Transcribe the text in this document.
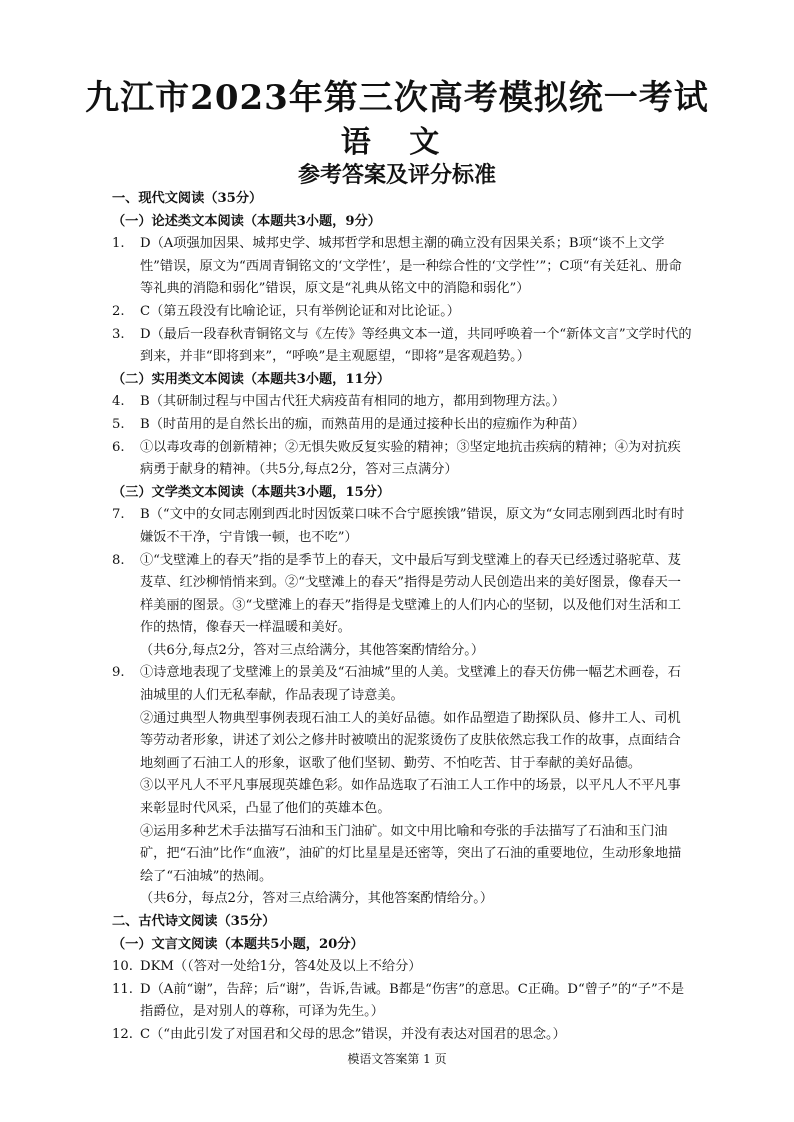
九江市2023年第三次高考模拟统一考试
语 文
参考答案及评分标准
一、现代文阅读（35分）
（一）论述类文本阅读（本题共3小题，9分）
1. D（A项强加因果、城邦史学、城邦哲学和思想主潮的确立没有因果关系；B项“谈不上文学性”错误，原文为“西周青铜铭文的‘文学性’，是一种综合性的‘文学性’”；C项“有关廷礼、册命等礼典的消隐和弱化”错误，原文是“礼典从铭文中的消隐和弱化”）
2. C（第五段没有比喻论证，只有举例论证和对比论证。）
3. D（最后一段春秋青铜铭文与《左传》等经典文本一道，共同呼唤着一个“新体文言”文学时代的到来，并非“即将到来”，“呼唤”是主观愿望，“即将”是客观趋势。）
（二）实用类文本阅读（本题共3小题，11分）
4. B（其研制过程与中国古代狂犬病疫苗有相同的地方，都用到物理方法。）
5. B（时苗用的是自然长出的痂，而熟苗用的是通过接种长出的痘痂作为种苗）
6. ①以毒攻毒的创新精神；②无惧失败反复实验的精神；③坚定地抗击疾病的精神；④为对抗疾病勇于献身的精神。（共5分,每点2分，答对三点满分）
（三）文学类文本阅读（本题共3小题，15分）
7. B（“文中的女同志刚到西北时因饭菜口味不合宁愿挨饿”错误，原文为“女同志刚到西北时有时嫌饭不干净，宁肯饿一顿，也不吃”）
8. ①“戈壁滩上的春天”指的是季节上的春天，文中最后写到戈壁滩上的春天已经透过骆驼草、芨芨草、红沙柳悄悄来到。②“戈壁滩上的春天”指得是劳动人民创造出来的美好图景，像春天一样美丽的图景。③“戈壁滩上的春天”指得是戈壁滩上的人们内心的坚韧，以及他们对生活和工作的热情，像春天一样温暖和美好。
（共6分,每点2分，答对三点给满分，其他答案酌情给分。）
9. ①诗意地表现了戈壁滩上的景美及“石油城”里的人美。戈壁滩上的春天仿佛一幅艺术画卷，石油城里的人们无私奉献，作品表现了诗意美。
②通过典型人物典型事例表现石油工人的美好品德。如作品塑造了勘探队员、修井工人、司机等劳动者形象，讲述了刘公之修井时被喷出的泥浆烫伤了皮肤依然忘我工作的故事，点面结合地刻画了石油工人的形象，讴歌了他们坚韧、勤劳、不怕吃苦、甘于奉献的美好品德。
③以平凡人不平凡事展现英雄色彩。如作品选取了石油工人工作中的场景，以平凡人不平凡事来彰显时代风采，凸显了他们的英雄本色。
④运用多种艺术手法描写石油和玉门油矿。如文中用比喻和夸张的手法描写了石油和玉门油矿，把“石油”比作“血液”，油矿的灯比星星是还密等，突出了石油的重要地位，生动形象地描绘了“石油城”的热闹。
（共6分，每点2分，答对三点给满分，其他答案酌情给分。）
二、古代诗文阅读（35分）
（一）文言文阅读（本题共5小题，20分）
10. DKM（（答对一处给1分，答4处及以上不给分）
11. D（A前“谢”，告辞；后“谢”，告诉,告诫。B都是“伤害”的意思。C正确。D“曾子”的“子”不是指爵位，是对别人的尊称，可译为先生。）
12. C（“由此引发了对国君和父母的思念”错误，并没有表达对国君的思念。）
模语文答案第 1 页
